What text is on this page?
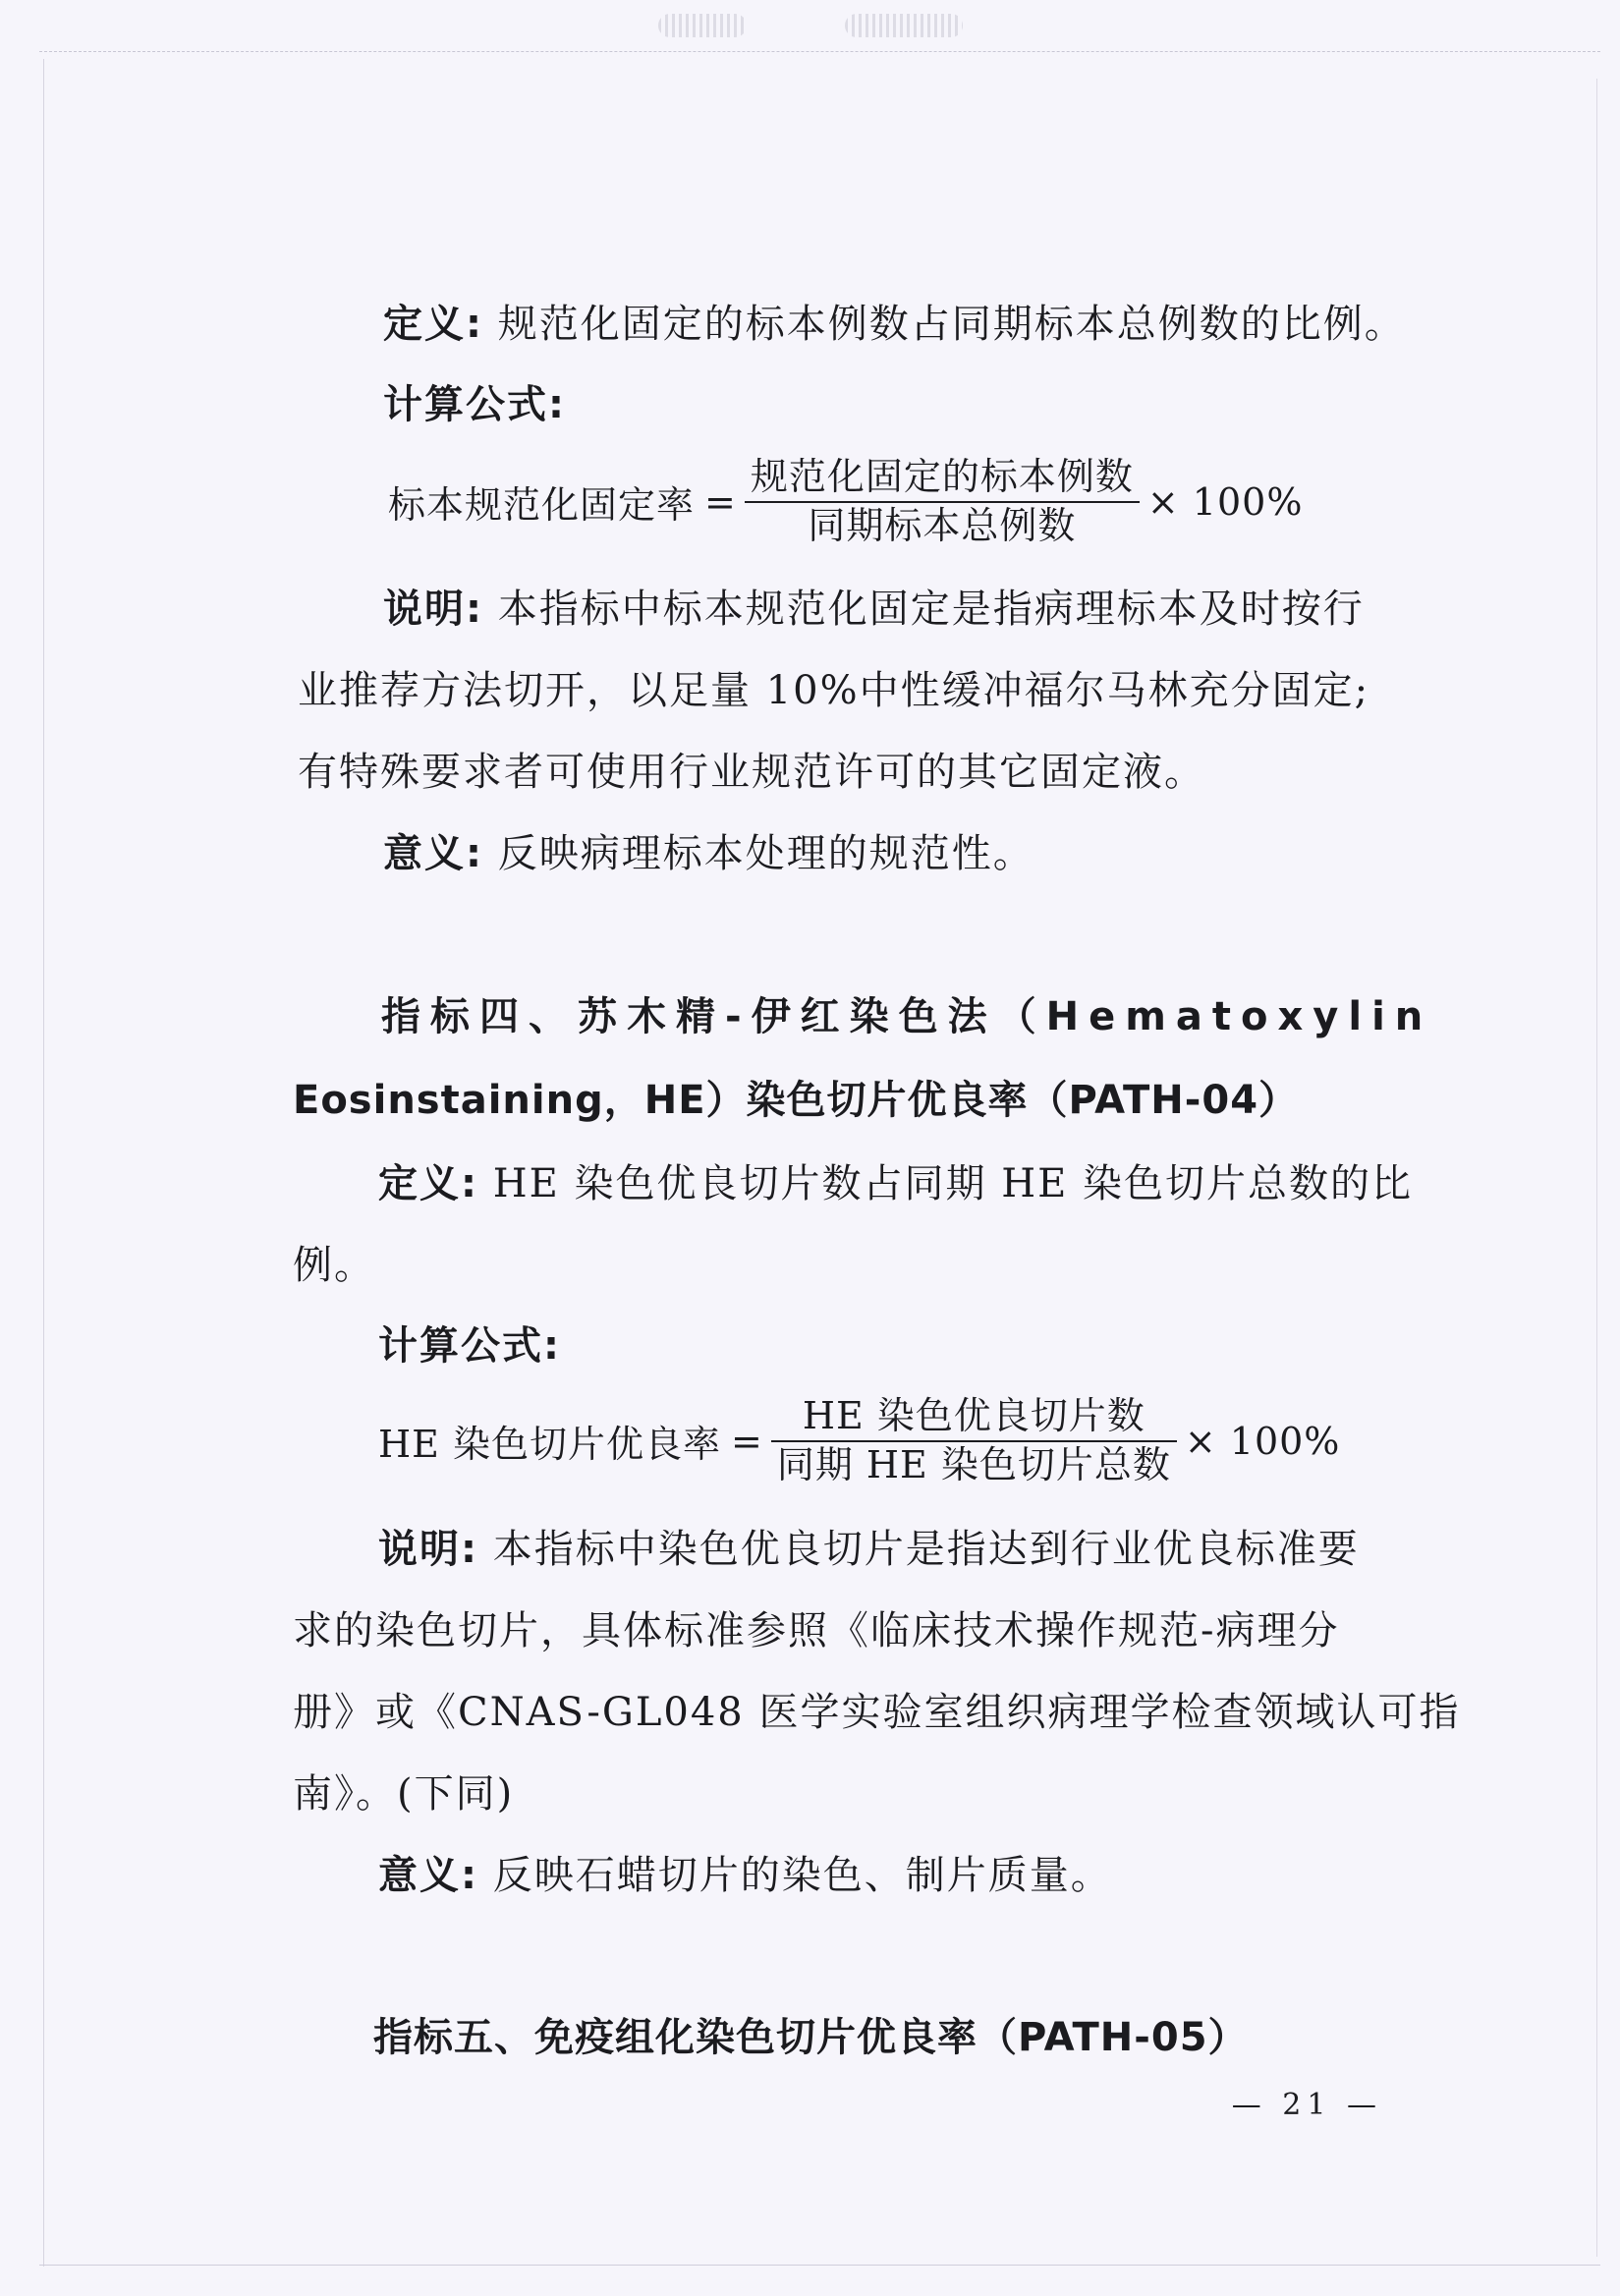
定义: 规范化固定的标本例数占同期标本总例数的比例。
计算公式:
标本规范化固定率 = $\frac{\text{规范化固定的标本例数}}{\text{同期标本总例数}} \times 100\%$
说明: 本指标中标本规范化固定是指病理标本及时按行
业推荐方法切开，以足量 10%中性缓冲福尔马林充分固定;
有特殊要求者可使用行业规范许可的其它固定液。
意义: 反映病理标本处理的规范性。
指标四、苏木精-伊红染色法（Hematoxylin
Eosinstaining，HE）染色切片优良率（PATH-04）
定义: HE 染色优良切片数占同期 HE 染色切片总数的比
例。
计算公式:
HE 染色切片优良率 = $\frac{\text{HE 染色优良切片数}}{\text{同期 HE 染色切片总数}} \times 100\%$
说明: 本指标中染色优良切片是指达到行业优良标准要
求的染色切片，具体标准参照《临床技术操作规范-病理分
册》或《CNAS-GL048 医学实验室组织病理学检查领域认可指
南》。(下同)
意义: 反映石蜡切片的染色、制片质量。
指标五、免疫组化染色切片优良率（PATH-05）
— 21 —
